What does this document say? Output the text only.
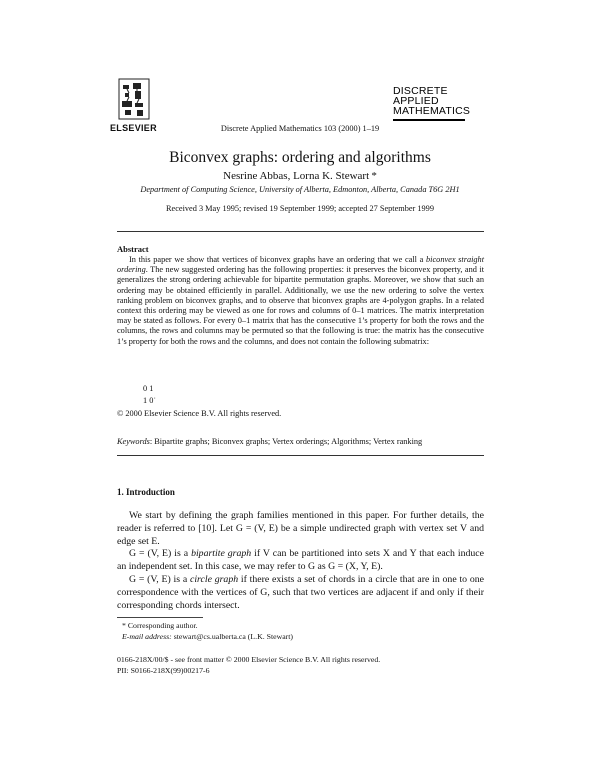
ELSEVIER
DISCRETE
APPLIED
MATHEMATICS
Discrete Applied Mathematics 103 (2000) 1–19
Biconvex graphs: ordering and algorithms
Nesrine Abbas, Lorna K. Stewart *
Department of Computing Science, University of Alberta, Edmonton, Alberta, Canada T6G 2H1
Received 3 May 1995; revised 19 September 1999; accepted 27 September 1999
Abstract
In this paper we show that vertices of biconvex graphs have an ordering that we call a biconvex straight ordering. The new suggested ordering has the following properties: it preserves the biconvex property, and it generalizes the strong ordering achievable for bipartite permutation graphs. Moreover, we show that such an ordering may be obtained efficiently in parallel. Additionally, we use the new ordering to solve the vertex ranking problem on biconvex graphs, and to observe that biconvex graphs are 4-polygon graphs. In a related context this ordering may be viewed as one for rows and columns of 0–1 matrices. The matrix interpretation may be stated as follows. For every 0–1 matrix that has the consecutive 1’s property for both the rows and the columns, the rows and columns may be permuted so that the following is true: the matrix has the consecutive 1’s property for both the rows and the columns, and does not contain the following submatrix:
0 1
1 0˙
© 2000 Elsevier Science B.V. All rights reserved.
Keywords: Bipartite graphs; Biconvex graphs; Vertex orderings; Algorithms; Vertex ranking
1. Introduction
We start by defining the graph families mentioned in this paper. For further details, the reader is referred to [10]. Let G = (V, E) be a simple undirected graph with vertex set V and edge set E.
G = (V, E) is a bipartite graph if V can be partitioned into sets X and Y that each induce an independent set. In this case, we may refer to G as G = (X, Y, E).
G = (V, E) is a circle graph if there exists a set of chords in a circle that are in one to one correspondence with the vertices of G, such that two vertices are adjacent if and only if their corresponding chords intersect.
* Corresponding author.
E-mail address: stewart@cs.ualberta.ca (L.K. Stewart)
0166-218X/00/$ - see front matter © 2000 Elsevier Science B.V. All rights reserved.
PII: S0166-218X(99)00217-6
